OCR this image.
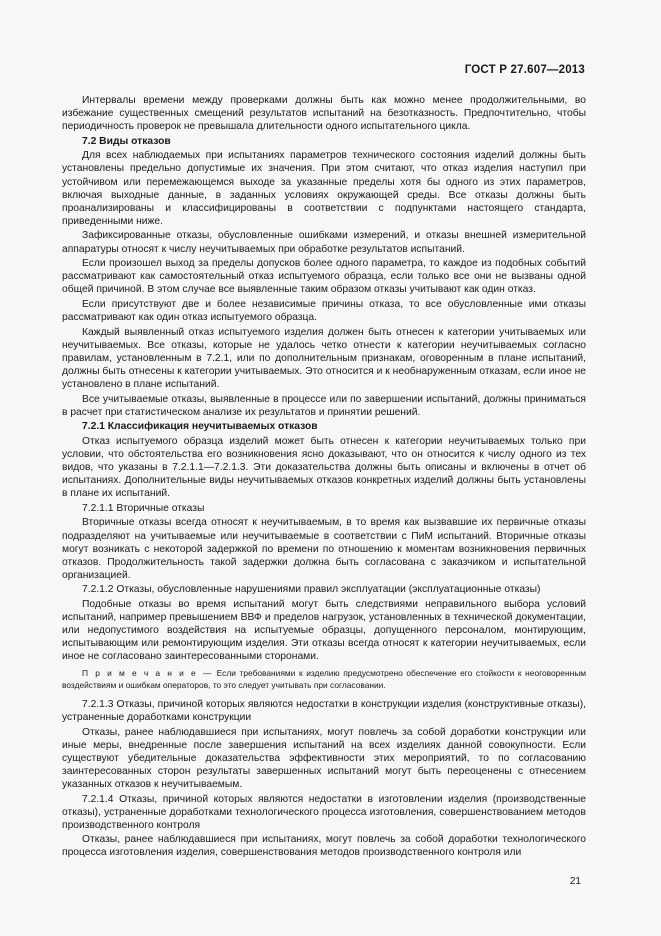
ГОСТ Р 27.607—2013

Интервалы времени между проверками должны быть как можно менее продолжительными, во избежание существенных смещений результатов испытаний на безотказность. Предпочтительно, чтобы периодичность проверок не превышала длительности одного испытательного цикла.

7.2 Виды отказов

Для всех наблюдаемых при испытаниях параметров технического состояния изделий должны быть установлены предельно допустимые их значения. При этом считают, что отказ изделия наступил при устойчивом или перемежающемся выходе за указанные пределы хотя бы одного из этих параметров, включая выходные данные, в заданных условиях окружающей среды. Все отказы должны быть проанализированы и классифицированы в соответствии с подпунктами настоящего стандарта, приведенными ниже.

Зафиксированные отказы, обусловленные ошибками измерений, и отказы внешней измерительной аппаратуры относят к числу неучитываемых при обработке результатов испытаний.

Если произошел выход за пределы допусков более одного параметра, то каждое из подобных событий рассматривают как самостоятельный отказ испытуемого образца, если только все они не вызваны одной общей причиной. В этом случае все выявленные таким образом отказы учитывают как один отказ.

Если присутствуют две и более независимые причины отказа, то все обусловленные ими отказы рассматривают как один отказ испытуемого образца.

Каждый выявленный отказ испытуемого изделия должен быть отнесен к категории учитываемых или неучитываемых. Все отказы, которые не удалось четко отнести к категории неучитываемых согласно правилам, установленным в 7.2.1, или по дополнительным признакам, оговоренным в плане испытаний, должны быть отнесены к категории учитываемых. Это относится и к необнаруженным отказам, если иное не установлено в плане испытаний.

Все учитываемые отказы, выявленные в процессе или по завершении испытаний, должны приниматься в расчет при статистическом анализе их результатов и принятии решений.

7.2.1 Классификация неучитываемых отказов

Отказ испытуемого образца изделий может быть отнесен к категории неучитываемых только при условии, что обстоятельства его возникновения ясно доказывают, что он относится к числу одного из тех видов, что указаны в 7.2.1.1—7.2.1.3. Эти доказательства должны быть описаны и включены в отчет об испытаниях. Дополнительные виды неучитываемых отказов конкретных изделий должны быть установлены в плане их испытаний.

7.2.1.1 Вторичные отказы

Вторичные отказы всегда относят к неучитываемым, в то время как вызвавшие их первичные отказы подразделяют на учитываемые или неучитываемые в соответствии с ПиМ испытаний. Вторичные отказы могут возникать с некоторой задержкой по времени по отношению к моментам возникновения первичных отказов. Продолжительность такой задержки должна быть согласована с заказчиком и испытательной организацией.

7.2.1.2 Отказы, обусловленные нарушениями правил эксплуатации (эксплуатационные отказы)

Подобные отказы во время испытаний могут быть следствиями неправильного выбора условий испытаний, например превышением ВВФ и пределов нагрузок, установленных в технической документации, или недопустимого воздействия на испытуемые образцы, допущенного персоналом, монтирующим, испытывающим или ремонтирующим изделия. Эти отказы всегда относят к категории неучитываемых, если иное не согласовано заинтересованными сторонами.

П р и м е ч а н и е — Если требованиями к изделию предусмотрено обеспечение его стойкости к неоговоренным воздействиям и ошибкам операторов, то это следует учитывать при согласовании.

7.2.1.3 Отказы, причиной которых являются недостатки в конструкции изделия (конструктивные отказы), устраненные доработками конструкции

Отказы, ранее наблюдавшиеся при испытаниях, могут повлечь за собой доработки конструкции или иные меры, внедренные после завершения испытаний на всех изделиях данной совокупности. Если существуют убедительные доказательства эффективности этих мероприятий, то по согласованию заинтересованных сторон результаты завершенных испытаний могут быть переоценены с отнесением указанных отказов к неучитываемым.

7.2.1.4 Отказы, причиной которых являются недостатки в изготовлении изделия (производственные отказы), устраненные доработками технологического процесса изготовления, совершенствованием методов производственного контроля

Отказы, ранее наблюдавшиеся при испытаниях, могут повлечь за собой доработки технологического процесса изготовления изделия, совершенствования методов производственного контроля или

21
